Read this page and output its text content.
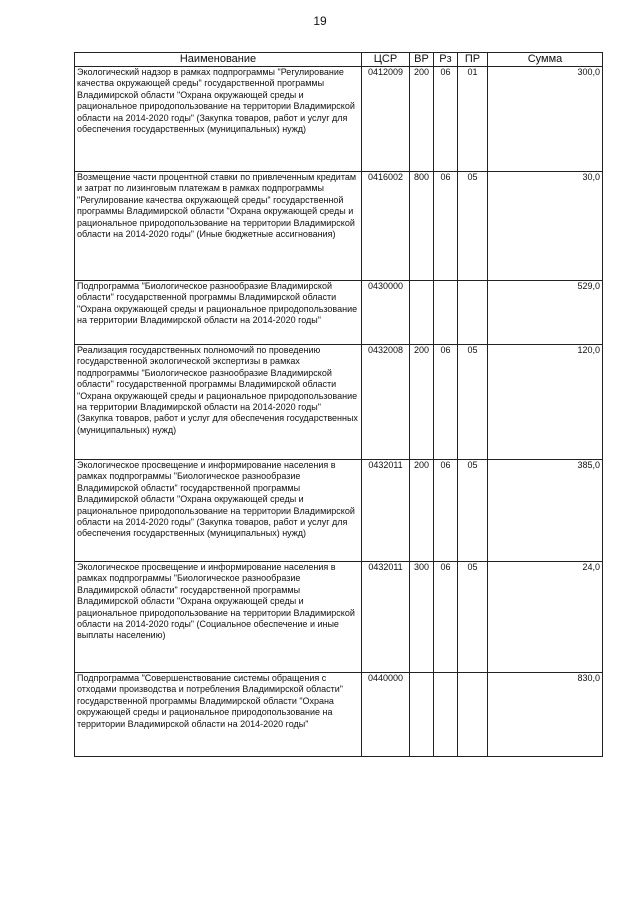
19
Наименование	ЦСР	ВР	Рз	ПР	Сумма
Экологический надзор в рамках подпрограммы "Регулирование качества окружающей среды" государственной программы Владимирской области "Охрана окружающей среды и рациональное природопользование на территории Владимирской области на 2014-2020 годы" (Закупка товаров, работ и услуг для обеспечения государственных (муниципальных) нужд)	0412009	200	06	01	300,0
Возмещение части процентной ставки по привлеченным кредитам и затрат по лизинговым платежам в рамках подпрограммы "Регулирование качества окружающей среды" государственной программы Владимирской области "Охрана окружающей среды и рациональное природопользование на территории Владимирской области на 2014-2020 годы" (Иные бюджетные ассигнования)	0416002	800	06	05	30,0
Подпрограмма "Биологическое разнообразие Владимирской области" государственной программы Владимирской области "Охрана окружающей среды и рациональное природопользование на территории Владимирской области на 2014-2020 годы"	0430000				529,0
Реализация государственных полномочий по проведению государственной экологической экспертизы в рамках подпрограммы "Биологическое разнообразие Владимирской области" государственной программы Владимирской области "Охрана окружающей среды и рациональное природопользование на территории Владимирской области на 2014-2020 годы" (Закупка товаров, работ и услуг для обеспечения государственных (муниципальных) нужд)	0432008	200	06	05	120,0
Экологическое просвещение и информирование населения в рамках подпрограммы "Биологическое разнообразие Владимирской области" государственной программы Владимирской области "Охрана окружающей среды и рациональное природопользование на территории Владимирской области на 2014-2020 годы" (Закупка товаров, работ и услуг для обеспечения государственных (муниципальных) нужд)	0432011	200	06	05	385,0
Экологическое просвещение и информирование населения в рамках подпрограммы "Биологическое разнообразие Владимирской области" государственной программы Владимирской области "Охрана окружающей среды и рациональное природопользование на территории Владимирской области на 2014-2020 годы" (Социальное обеспечение и иные выплаты населению)	0432011	300	06	05	24,0
Подпрограмма "Совершенствование системы обращения с отходами производства и потребления Владимирской области" государственной программы Владимирской области "Охрана окружающей среды и рациональное природопользование на территории Владимирской области на 2014-2020 годы"	0440000				830,0
